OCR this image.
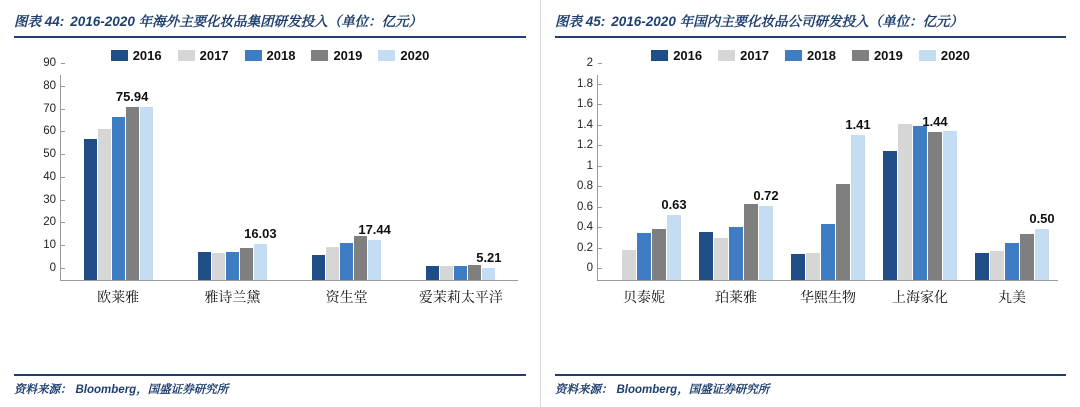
图表 44: 2016-2020 年海外主要化妆品集团研发投入（单位：亿元）
2016	2017	2018	2019	2020
75.94
欧莱雅
16.03
雅诗兰黛
17.44
资生堂
5.21
爱茉莉太平洋
0
10
20
30
40
50
60
70
80
90
资料来源： Bloomberg，国盛证券研究所
图表 45: 2016-2020 年国内主要化妆品公司研发投入（单位：亿元）
2016	2017	2018	2019	2020
0.63
贝泰妮
0.72
珀莱雅
1.41
华熙生物
1.44
上海家化
0.50
丸美
0
0.2
0.4
0.6
0.8
1
1.2
1.4
1.6
1.8
2
资料来源： Bloomberg，国盛证券研究所
